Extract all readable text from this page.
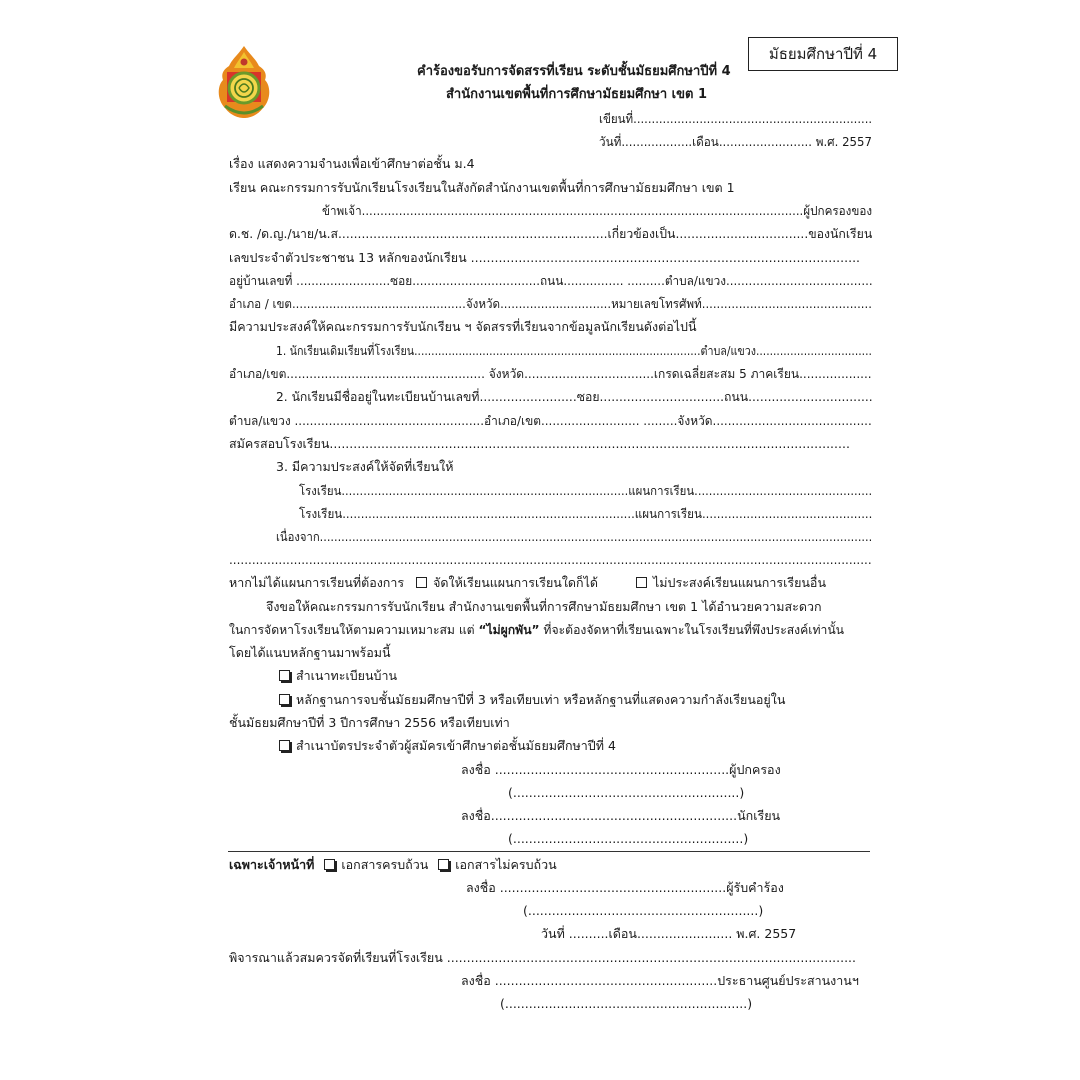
มัธยมศึกษาปีที่ 4
คำร้องขอรับการจัดสรรที่เรียน ระดับชั้นมัธยมศึกษาปีที่ 4
สำนักงานเขตพื้นที่การศึกษามัธยมศึกษา เขต 1
เขียนที่.................................................................
วันที่...................เดือน......................... พ.ศ. 2557
เรื่อง แสดงความจำนงเพื่อเข้าศึกษาต่อชั้น ม.4
เรียน คณะกรรมการรับนักเรียนโรงเรียนในสังกัดสำนักงานเขตพื้นที่การศึกษามัธยมศึกษา เขต 1
ข้าพเจ้า.......................................................................................................................ผู้ปกครองของ
ด.ช. /ด.ญ./นาย/น.ส.....................................................................เกี่ยวข้องเป็น..................................ของนักเรียน
เลขประจำตัวประชาชน 13 หลักของนักเรียน ..................................................................................................
อยู่บ้านเลขที่ .........................ซอย..................................ถนน................ ..........ตำบล/แขวง.......................................
อำเภอ / เขต...............................................จังหวัด..............................หมายเลขโทรศัพท์..............................................
มีความประสงค์ให้คณะกรรมการรับนักเรียน ฯ จัดสรรที่เรียนจากข้อมูลนักเรียนดังต่อไปนี้
1. นักเรียนเดิมเรียนที่โรงเรียน....................................................................................ตำบล/แขวง..................................
อำเภอ/เขต.................................................... จังหวัด..................................เกรดเฉลี่ยสะสม 5 ภาคเรียน...................
2. นักเรียนมีชื่ออยู่ในทะเบียนบ้านเลขที่.........................ซอย................................ถนน................................
ตำบล/แขวง ..................................................อำเภอ/เขต.......................... .........จังหวัด..........................................
สมัครสอบโรงเรียน...................................................................................................................................
3. มีความประสงค์ให้จัดที่เรียนให้
โรงเรียน...............................................................................แผนการเรียน.................................................
โรงเรียน...............................................................................แผนการเรียน..............................................
เนื่องจาก..........................................................................................................................................................
.........................................................................................................................................................................
หากไม่ได้แผนการเรียนที่ต้องการ จัดให้เรียนแผนการเรียนใดก็ได้	ไม่ประสงค์เรียนแผนการเรียนอื่น
จึงขอให้คณะกรรมการรับนักเรียน สำนักงานเขตพื้นที่การศึกษามัธยมศึกษา เขต 1 ได้อำนวยความสะดวก
ในการจัดหาโรงเรียนให้ตามความเหมาะสม แต่ “ไม่ผูกพัน” ที่จะต้องจัดหาที่เรียนเฉพาะในโรงเรียนที่พึงประสงค์เท่านั้น
โดยได้แนบหลักฐานมาพร้อมนี้
สำเนาทะเบียนบ้าน
หลักฐานการจบชั้นมัธยมศึกษาปีที่ 3 หรือเทียบเท่า หรือหลักฐานที่แสดงความกำลังเรียนอยู่ใน
ชั้นมัธยมศึกษาปีที่ 3 ปีการศึกษา 2556 หรือเทียบเท่า
สำเนาบัตรประจำตัวผู้สมัครเข้าศึกษาต่อชั้นมัธยมศึกษาปีที่ 4
ลงชื่อ ...........................................................ผู้ปกครอง
(.........................................................)
ลงชื่อ..............................................................นักเรียน
(..........................................................)
เฉพาะเจ้าหน้าที่ เอกสารครบถ้วน เอกสารไม่ครบถ้วน
ลงชื่อ .........................................................ผู้รับคำร้อง
(..........................................................)
วันที่ ..........เดือน........................ พ.ศ. 2557
พิจารณาแล้วสมควรจัดที่เรียนที่โรงเรียน .......................................................................................................
ลงชื่อ ........................................................ประธานศูนย์ประสานงานฯ
(.............................................................)
